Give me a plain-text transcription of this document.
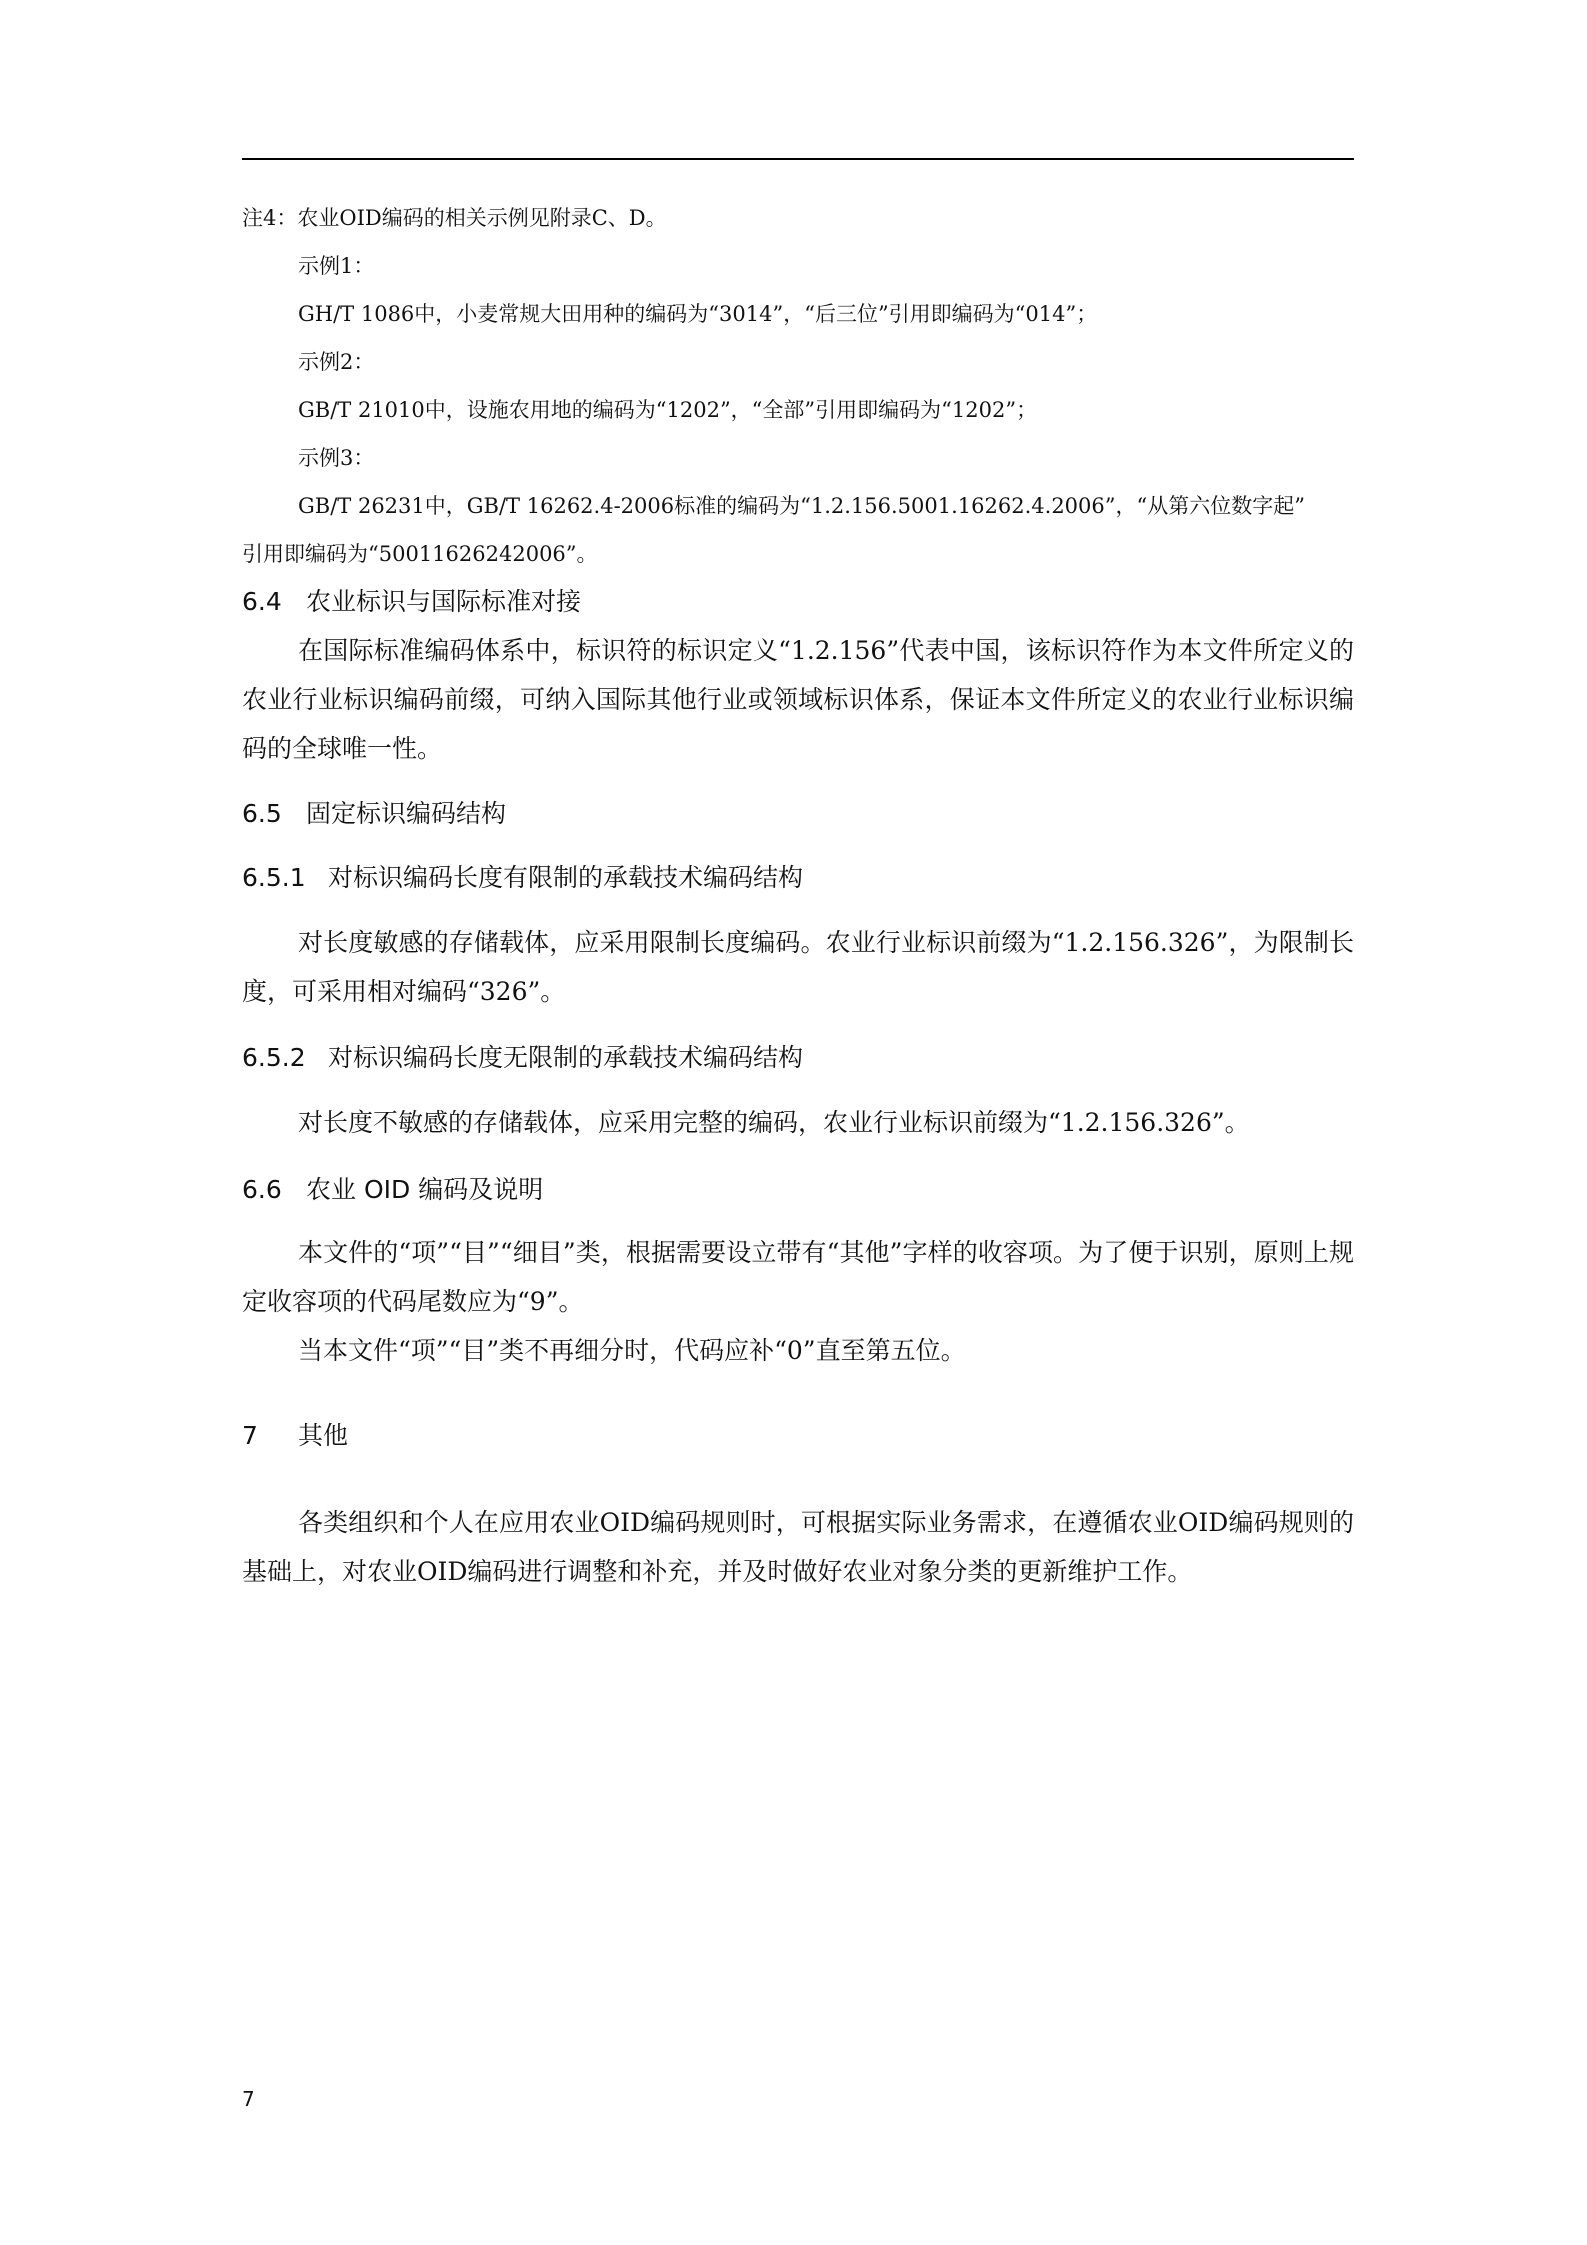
注4：农业OID编码的相关示例见附录C、D。
示例1：
GH/T 1086中，小麦常规大田用种的编码为“3014”，“后三位”引用即编码为“014”；
示例2：
GB/T 21010中，设施农用地的编码为“1202”，“全部”引用即编码为“1202”；
示例3：
GB/T 26231中，GB/T 16262.4-2006标准的编码为“1.2.156.5001.16262.4.2006”，“从第六位数字起”
引用即编码为“50011626242006”。
6.4 农业标识与国际标准对接
在国际标准编码体系中，标识符的标识定义“1.2.156”代表中国，该标识符作为本文件所定义的农业行业标识编码前缀，可纳入国际其他行业或领域标识体系，保证本文件所定义的农业行业标识编码的全球唯一性。
6.5 固定标识编码结构
6.5.1 对标识编码长度有限制的承载技术编码结构
对长度敏感的存储载体，应采用限制长度编码。农业行业标识前缀为“1.2.156.326”，为限制长度，可采用相对编码“326”。
6.5.2 对标识编码长度无限制的承载技术编码结构
对长度不敏感的存储载体，应采用完整的编码，农业行业标识前缀为“1.2.156.326”。
6.6 农业 OID 编码及说明
本文件的“项”“目”“细目”类，根据需要设立带有“其他”字样的收容项。为了便于识别，原则上规定收容项的代码尾数应为“9”。
当本文件“项”“目”类不再细分时，代码应补“0”直至第五位。
7 其他
各类组织和个人在应用农业OID编码规则时，可根据实际业务需求，在遵循农业OID编码规则的基础上，对农业OID编码进行调整和补充，并及时做好农业对象分类的更新维护工作。
7
